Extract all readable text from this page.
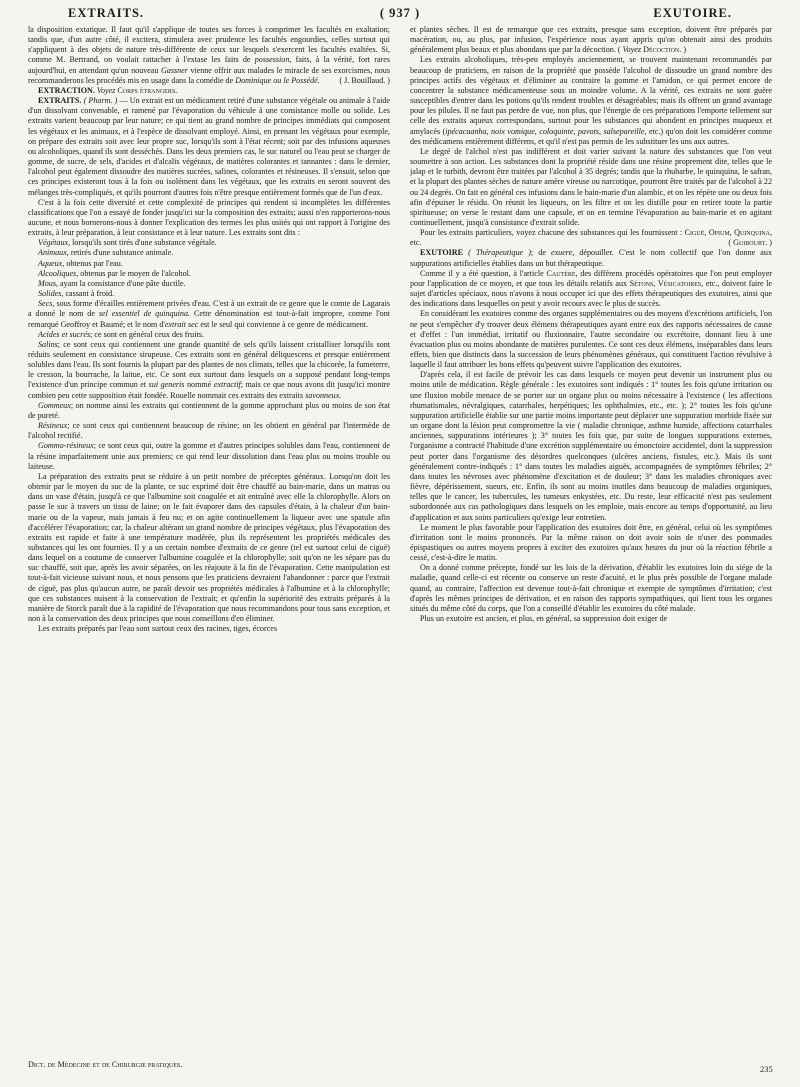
EXTRAITS.	( 937 )	EXUTOIRE.

la disposition extatique. Il faut qu'il s'applique de toutes ses forces à comprimer les facultés en exaltation; tandis que, d'un autre côté, il excitera, stimulera avec prudence les facultés engourdies, celles surtout qui s'appliquent à des objets de nature très-différente de ceux sur lesquels s'exercent les facultés exaltées. Si, comme M. Bertrand, on voulait rattacher à l'extase les faits de possession, faits, à la vérité, fort rares aujourd'hui, en attendant qu'un nouveau Gassner vienne offrir aux malades le miracle de ses exorcismes, nous recommanderons les procédés mis en usage dans la comédie de Dominique ou le Possédé. ( J. Bouillaud. )

EXTRACTION. Voyez Corps étrangers.

EXTRAITS. ( Pharm. ) — Un extrait est un médicament retiré d'une substance végétale ou animale à l'aide d'un dissolvant convenable, et ramené par l'évaporation du véhicule à une consistance molle ou solide. Les extraits varient beaucoup par leur nature; ce qui tient au grand nombre de principes immédiats qui composent les végétaux et les animaux, et à l'espèce de dissolvant employé. Ainsi, en prenant les végétaux pour exemple, on prépare des extraits soit avec leur propre suc, lorsqu'ils sont à l'état récent; soit par des infusions aqueuses ou alcoholiques, quand ils sont desséchés. Dans les deux premiers cas, le suc naturel ou l'eau peut se charger de gomme, de sucre, de sels, d'acides et d'alcalis végétaux, de matières colorantes et tannantes : dans le dernier, l'alcohol peut également dissoudre des matières sucrées, salines, colorantes et résineuses. Il s'ensuit, selon que ces principes existeront tous à la fois ou isolément dans les végétaux, que les extraits en seront souvent des mélanges très-compliqués, et qu'ils pourront d'autres fois n'être presque entièrement formés que de l'un d'eux.

C'est à la fois cette diversité et cette complexité de principes qui rendent si incomplètes les différentes classifications que l'on a essayé de fonder jusqu'ici sur la composition des extraits; aussi n'en rapporterons-nous aucune, et nous bornerons-nous à donner l'explication des termes les plus usités qui ont rapport à l'origine des extraits, à leur préparation, à leur consistance et à leur nature. Les extraits sont dits :

Végétaux, lorsqu'ils sont tirés d'une substance végétale.

Animaux, retirés d'une substance animale.

Aqueux, obtenus par l'eau.

Alcooliques, obtenus par le moyen de l'alcohol.

Mous, ayant la consistance d'une pâte ductile.

Solides, cassant à froid.

Secs, sous forme d'écailles entièrement privées d'eau. C'est à un extrait de ce genre que le comte de Lagarais a donné le nom de sel essentiel de quinquina. Cette dénomination est tout-à-fait impropre, comme l'ont remarqué Geoffroy et Baumé; et le nom d'extrait sec est le seul qui convienne à ce genre de médicament.

Acides et sucrés; ce sont en général ceux des fruits.

Salins; ce sont ceux qui contiennent une grande quantité de sels qu'ils laissent cristalliser lorsqu'ils sont réduits seulement en consistance sirupeuse. Ces extraits sont en général déliquescens et presque entièrement solubles dans l'eau. Ils sont fournis la plupart par des plantes de nos climats, telles que la chicorée, la fumeterre, le cresson, la bourrache, la laitue, etc. Ce sont eux surtout dans lesquels on a supposé pendant long-temps l'existence d'un principe commun et sui generis nommé extractif; mais ce que nous avons dit jusqu'ici montre combien peu cette supposition était fondée. Rouelle nommait ces extraits des extraits savonneux.

Gommeux; on nomme ainsi les extraits qui contiennent de la gomme approchant plus ou moins de son état de pureté.

Résineux; ce sont ceux qui contiennent beaucoup de résine; on les obtient en général par l'intermède de l'alcohol rectifié.

Gommo-résineux; ce sont ceux qui, outre la gomme et d'autres principes solubles dans l'eau, contiennent de la résine imparfaitement unie aux premiers; ce qui rend leur dissolution dans l'eau plus ou moins trouble ou laiteuse.

La préparation des extraits peut se réduire à un petit nombre de préceptes généraux. Lorsqu'on doit les obtenir par le moyen du suc de la plante, ce suc exprimé doit être chauffé au bain-marie, dans un matras ou dans un vase d'étain, jusqu'à ce que l'albumine soit coagulée et ait entraîné avec elle la chlorophylle. Alors on passe le suc à travers un tissu de laine; on le fait évaporer dans des capsules d'étain, à la chaleur d'un bain-marie ou de la vapeur, mais jamais à feu nu; et on agite continuellement la liqueur avec une spatule afin d'accélérer l'évaporation; car, la chaleur altérant un grand nombre de principes végétaux, plus l'évaporation des extraits est rapide et faite à une température modérée, plus ils représentent les propriétés médicales des substances qui les ont fournies. Il y a un certain nombre d'extraits de ce genre (tel est surtout celui de ciguë) dans lequel on a coutume de conserver l'albumine coagulée et la chlorophylle; soit qu'on ne les sépare pas du suc chauffé, soit que, après les avoir séparées, on les réajoute à la fin de l'évaporation. Cette manipulation est tout-à-fait vicieuse suivant nous, et nous pensons que les praticiens devraient l'abandonner : parce que l'extrait de ciguë, pas plus qu'aucun autre, ne paraît devoir ses propriétés médicales à l'albumine et à la chlorophylle; que ces substances nuisent à la conservation de l'extrait; et qu'enfin la supériorité des extraits préparés à la manière de Storck paraît due à la rapidité de l'évaporation que nous recommandons pour tous sans exception, et non à la conservation des deux principes que nous conseillons d'en éliminer.

Les extraits préparés par l'eau sont surtout ceux des racines, tiges, écorces

et plantes sèches. Il est de remarque que ces extraits, presque sans exception, doivent être préparés par macération, ou, au plus, par infusion, l'expérience nous ayant appris qu'on obtenait ainsi des produits généralement plus beaux et plus abondans que par la décoction. ( Voyez Décoction. )

Les extraits alcoholiques, très-peu employés anciennement, se trouvent maintenant recommandés par beaucoup de praticiens, en raison de la propriété que possède l'alcohol de dissoudre un grand nombre des principes actifs des végétaux et d'éliminer au contraire la gomme et l'amidon, ce qui permet encore de concentrer la substance médicamenteuse sous un moindre volume. A la vérité, ces extraits ne sont guère susceptibles d'entrer dans les potions qu'ils rendent troubles et désagréables; mais ils offrent un grand avantage pour les pilules. Il ne faut pas perdre de vue, non plus, que l'énergie de ces préparations l'emporte tellement sur celle des extraits aqueux correspondans, surtout pour les substances qui abondent en principes muqueux et amylacés (ipécacuanha, noix vomique, coloquinte, pavots, salsepareille, etc.) qu'on doit les considérer comme des médicamens entièrement différens, et qu'il n'est pas permis de les substituer les uns aux autres.

Le degré de l'alchol n'est pas indifférent et doit varier suivant la nature des substances que l'on veut soumettre à son action. Les substances dont la propriété réside dans une résine proprement dite, telles que le jalap et le turbith, devront être traitées par l'alcohol à 35 degrés; tandis que la rhubarbe, le quinquina, le safran, et la plupart des plantes sèches de nature amère vireuse ou narcotique, pourront être traités par de l'alcohol à 22 ou 24 degrés. On fait en général ces infusions dans le bain-marie d'un alambic, et on les répète une ou deux fois afin d'épuiser le résidu. On réunit les liqueurs, on les filtre et on les distille pour en retirer toute la partie spiritueuse; on verse le restant dans une capsule, et on en termine l'évaporation au bain-marie et en agitant continuellement, jusqu'à consistance d'extrait solide.

Pour les extraits particuliers, voyez chacune des substances qui les fournissent : Ciguë, Opium, Quinquina, etc.	( Guibourt. )

EXUTOIRE ( Thérapeutique ); de exuere, dépouiller. C'est le nom collectif que l'on donne aux suppurations artificielles établies dans un but thérapeutique.

Comme il y a été question, à l'article Cautère, des différens procédés opératoires que l'on peut employer pour l'application de ce moyen, et que tous les détails relatifs aux Sétons, Vésicatoires, etc., doivent faire le sujet d'articles spéciaux, nous n'avons à nous occuper ici que des effets thérapeutiques des exutoires, ainsi que des indications dans lesquelles on peut y avoir recours avec le plus de succès.

En considérant les exutoires comme des organes supplémentaires ou des moyens d'excrétions artificiels, l'on ne peut s'empêcher d'y trouver deux élémens thérapeutiques ayant entre eux des rapports nécessaires de cause et d'effet : l'un immédiat, irritatif ou fluxionnaire, l'autre secondaire ou excrétoire, donnant lieu à une évacuation plus ou moins abondante de matières purulentes. Ce sont ces deux élémens, inséparables dans leurs effets, bien que distincts dans la succession de leurs phénomènes généraux, qui constituent l'action révulsive à laquelle il faut attribuer les bons effets qu'peuvent suivre l'application des exutoires.

D'après cela, il est facile de prévoir les cas dans lesquels ce moyen peut devenir un instrument plus ou moins utile de médication. Règle générale : les exutoires sont indiqués : 1° toutes les fois qu'une irritation ou une fluxion mobile menace de se porter sur un organe plus ou moins nécessaire à l'existence ( les affections rhumatismales, névralgiques, catarrhales, herpétiques; les ophthalmies, etc., etc. ); 2° toutes les fois qu'une suppuration artificielle établie sur une partie moins importante peut déplacer une suppuration morbide fixée sur un organe dont la lésion peut compromettre la vie ( maladie chronique, asthme humide, affections catarrhales anciennes, suppurations intérieures ); 3° toutes les fois que, par suite de longues suppurations externes, l'organisme a contracté l'habitude d'une excrétion supplémentaire ou émonctoire accidentel, dont la suppression peut porter dans l'organisme des désordres quelconques (ulcères anciens, fistules, etc.). Mais ils sont généralement contre-indiqués : 1° dans toutes les maladies aiguës, accompagnées de symptômes fébriles; 2° dans toutes les névroses avec phénomène d'excitation et de douleur; 3° dans les maladies chroniques avec fièvre, dépérissement, sueurs, etc. Enfin, ils sont au moins inutiles dans beaucoup de maladies organiques, telles que le cancer, les tubercules, les tumeurs enkystées, etc. Du reste, leur efficacité n'est pas seulement subordonnée aux cas pathologiques dans lesquels on les emploie, mais encore au temps d'opportunité, au lieu d'application et aux soins particuliers qu'exige leur entretien.

Le moment le plus favorable pour l'application des exutoires doit être, en général, celui où les symptômes d'irritation sont le moins prononcés. Par la même raison on doit avoir soin de n'user des pommades épispastiques ou autres moyens propres à exciter des exutoires qu'aux heures du jour où la réaction fébrile a cessé, c'est-à-dire le matin.

On a donné comme précepte, fondé sur les lois de la dérivation, d'établir les exutoires loin du siége de la maladie, quand celle-ci est récente ou conserve un reste d'acuité, et le plus près possible de l'organe malade quand, au contraire, l'affection est devenue tout-à-fait chronique et exempte de symptômes d'irritation; c'est d'après les mêmes principes de dérivation, et en raison des rapports sympathiques, qui lient tous les organes situés du même côté du corps, que l'on a conseillé d'établir les exutoires du côté malade.

Plus un exutoire est ancien, et plus, en général, sa suppression doit exiger de

Dict. de Médecine et de Chirurgie pratiques.	235
